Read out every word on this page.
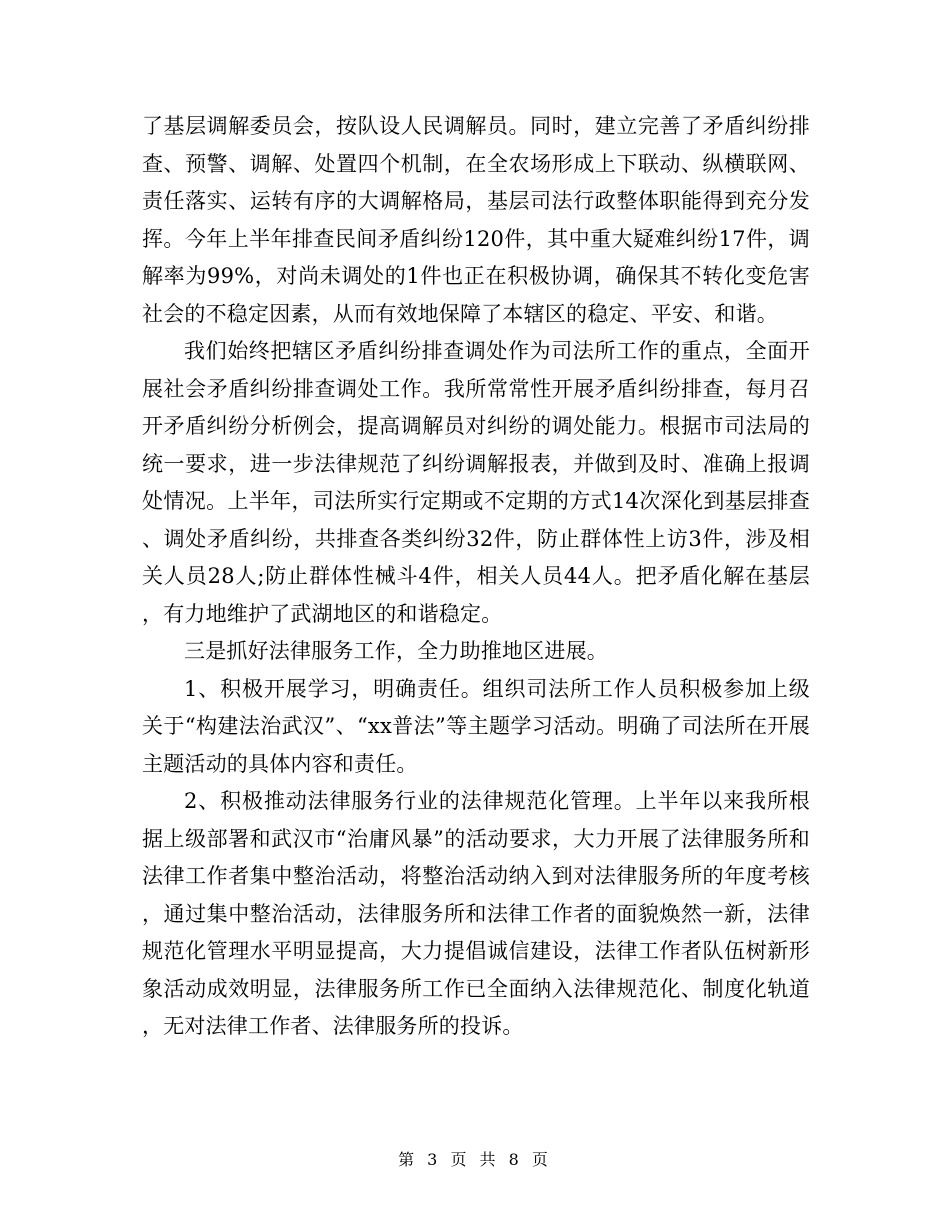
了基层调解委员会，按队设人民调解员。同时，建立完善了矛盾纠纷排查、预警、调解、处置四个机制，在全农场形成上下联动、纵横联网、责任落实、运转有序的大调解格局，基层司法行政整体职能得到充分发挥。今年上半年排查民间矛盾纠纷120件，其中重大疑难纠纷17件，调解率为99%，对尚未调处的1件也正在积极协调，确保其不转化变危害社会的不稳定因素，从而有效地保障了本辖区的稳定、平安、和谐。

我们始终把辖区矛盾纠纷排查调处作为司法所工作的重点，全面开展社会矛盾纠纷排查调处工作。我所常常性开展矛盾纠纷排查，每月召开矛盾纠纷分析例会，提高调解员对纠纷的调处能力。根据市司法局的统一要求，进一步法律规范了纠纷调解报表，并做到及时、准确上报调处情况。上半年，司法所实行定期或不定期的方式14次深化到基层排查、调处矛盾纠纷，共排查各类纠纷32件，防止群体性上访3件，涉及相关人员28人;防止群体性械斗4件，相关人员44人。把矛盾化解在基层，有力地维护了武湖地区的和谐稳定。

三是抓好法律服务工作，全力助推地区进展。

1、积极开展学习，明确责任。组织司法所工作人员积极参加上级关于“构建法治武汉”、“xx普法”等主题学习活动。明确了司法所在开展主题活动的具体内容和责任。

2、积极推动法律服务行业的法律规范化管理。上半年以来我所根据上级部署和武汉市“治庸风暴”的活动要求，大力开展了法律服务所和法律工作者集中整治活动，将整治活动纳入到对法律服务所的年度考核，通过集中整治活动，法律服务所和法律工作者的面貌焕然一新，法律规范化管理水平明显提高，大力提倡诚信建设，法律工作者队伍树新形象活动成效明显，法律服务所工作已全面纳入法律规范化、制度化轨道，无对法律工作者、法律服务所的投诉。

第 3 页 共 8 页
